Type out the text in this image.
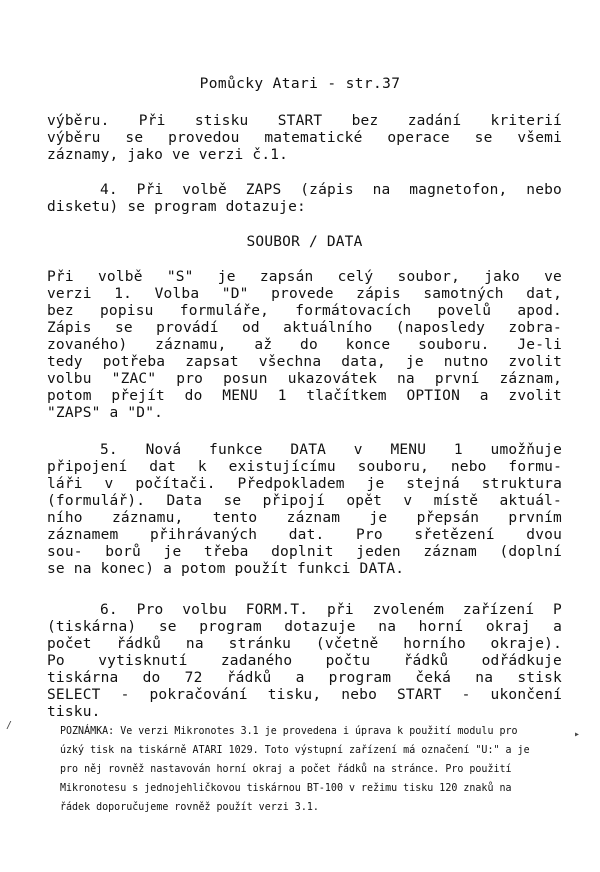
Pomůcky Atari - str.37
výběru. Při stisku START bez zadání kriterií
výběru se provedou matematické operace se všemi
záznamy, jako ve verzi č.1.
4. Při volbě ZAPS (zápis na magnetofon, nebo
disketu) se program dotazuje:
SOUBOR / DATA
Při volbě "S" je zapsán celý soubor, jako ve
verzi 1. Volba "D" provede zápis samotných dat,
bez popisu formuláře, formátovacích povelů apod.
Zápis se provádí od aktuálního (naposledy zobra-
zovaného) záznamu, až do konce souboru. Je-li
tedy potřeba zapsat všechna data, je nutno zvolit
volbu "ZAC" pro posun ukazovátek na první záznam,
potom přejít do MENU 1 tlačítkem OPTION a zvolit
"ZAPS" a "D".
5. Nová funkce DATA v MENU 1 umožňuje
připojení dat k existujícímu souboru, nebo formu-
láři v počítači. Předpokladem je stejná struktura
(formulář). Data se připojí opět v místě aktuál-
ního záznamu, tento záznam je přepsán prvním
záznamem přihrávaných dat. Pro sřetězení dvou
sou- borů je třeba doplnit jeden záznam (doplní
se na konec) a potom použít funkci DATA.
6. Pro volbu FORM.T. při zvoleném zařízení P
(tiskárna) se program dotazuje na horní okraj a
počet řádků na stránku (včetně horního okraje).
Po vytisknutí zadaného počtu řádků odřádkuje
tiskárna do 72 řádků a program čeká na stisk
SELECT - pokračování tisku, nebo START - ukončení
tisku.
POZNÁMKA: Ve verzi Mikronotes 3.1 je provedena i úprava k použití modulu pro
úzký tisk na tiskárně ATARI 1029. Toto výstupní zařízení má označení "U:" a je
pro něj rovněž nastavován horní okraj a počet řádků na stránce. Pro použití
Mikronotesu s jednojehličkovou tiskárnou BT-100 v režimu tisku 120 znaků na
řádek doporučujeme rovněž použít verzi 3.1.
/
▸
